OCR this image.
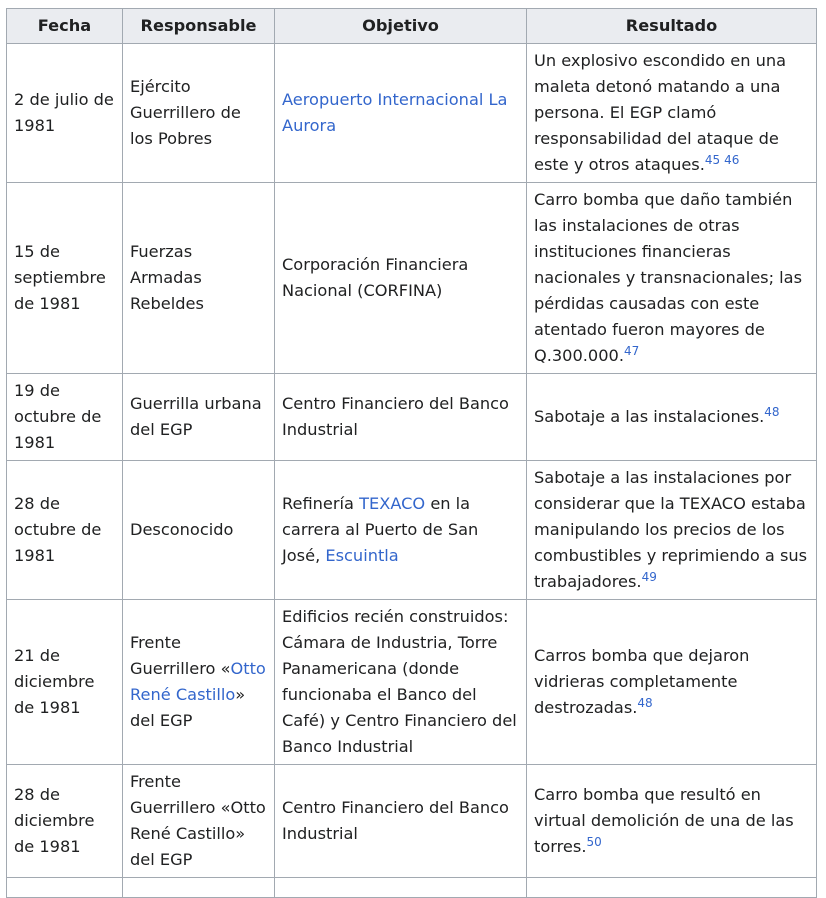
Fecha	Responsable	Objetivo	Resultado
2 de julio de 1981	Ejército Guerrillero de los Pobres	Aeropuerto Internacional La Aurora	Un explosivo escondido en una maleta detonó matando a una persona. El EGP clamó responsabilidad del ataque de este y otros ataques.$^{45 46}$
15 de septiembre de 1981	Fuerzas Armadas Rebeldes	Corporación Financiera Nacional (CORFINA)	Carro bomba que daño también las instalaciones de otras instituciones financieras nacionales y transnacionales; las pérdidas causadas con este atentado fueron mayores de Q.300.000.47
19 de octubre de 1981	Guerrilla urbana del EGP	Centro Financiero del Banco Industrial	Sabotaje a las instalaciones.$^{48}$
28 de octubre de 1981	Desconocido	Refinería TEXACO en la carrera al Puerto de San José, Escuintla	Sabotaje a las instalaciones por considerar que la TEXACO estaba manipulando los precios de los combustibles y reprimiendo a sus trabajadores.$^{49}$
21 de diciembre de 1981	Frente Guerrillero «Otto René Castillo» del EGP	Edificios recién construidos: Cámara de Industria, Torre Panamericana (donde funcionaba el Banco del Café) y Centro Financiero del Banco Industrial	Carros bomba que dejaron vidrieras completamente destrozadas.$^{48}$
28 de diciembre de 1981	Frente Guerrillero «Otto René Castillo» del EGP	Centro Financiero del Banco Industrial	Carro bomba que resultó en virtual demolición de una de las torres.$^{50}$
